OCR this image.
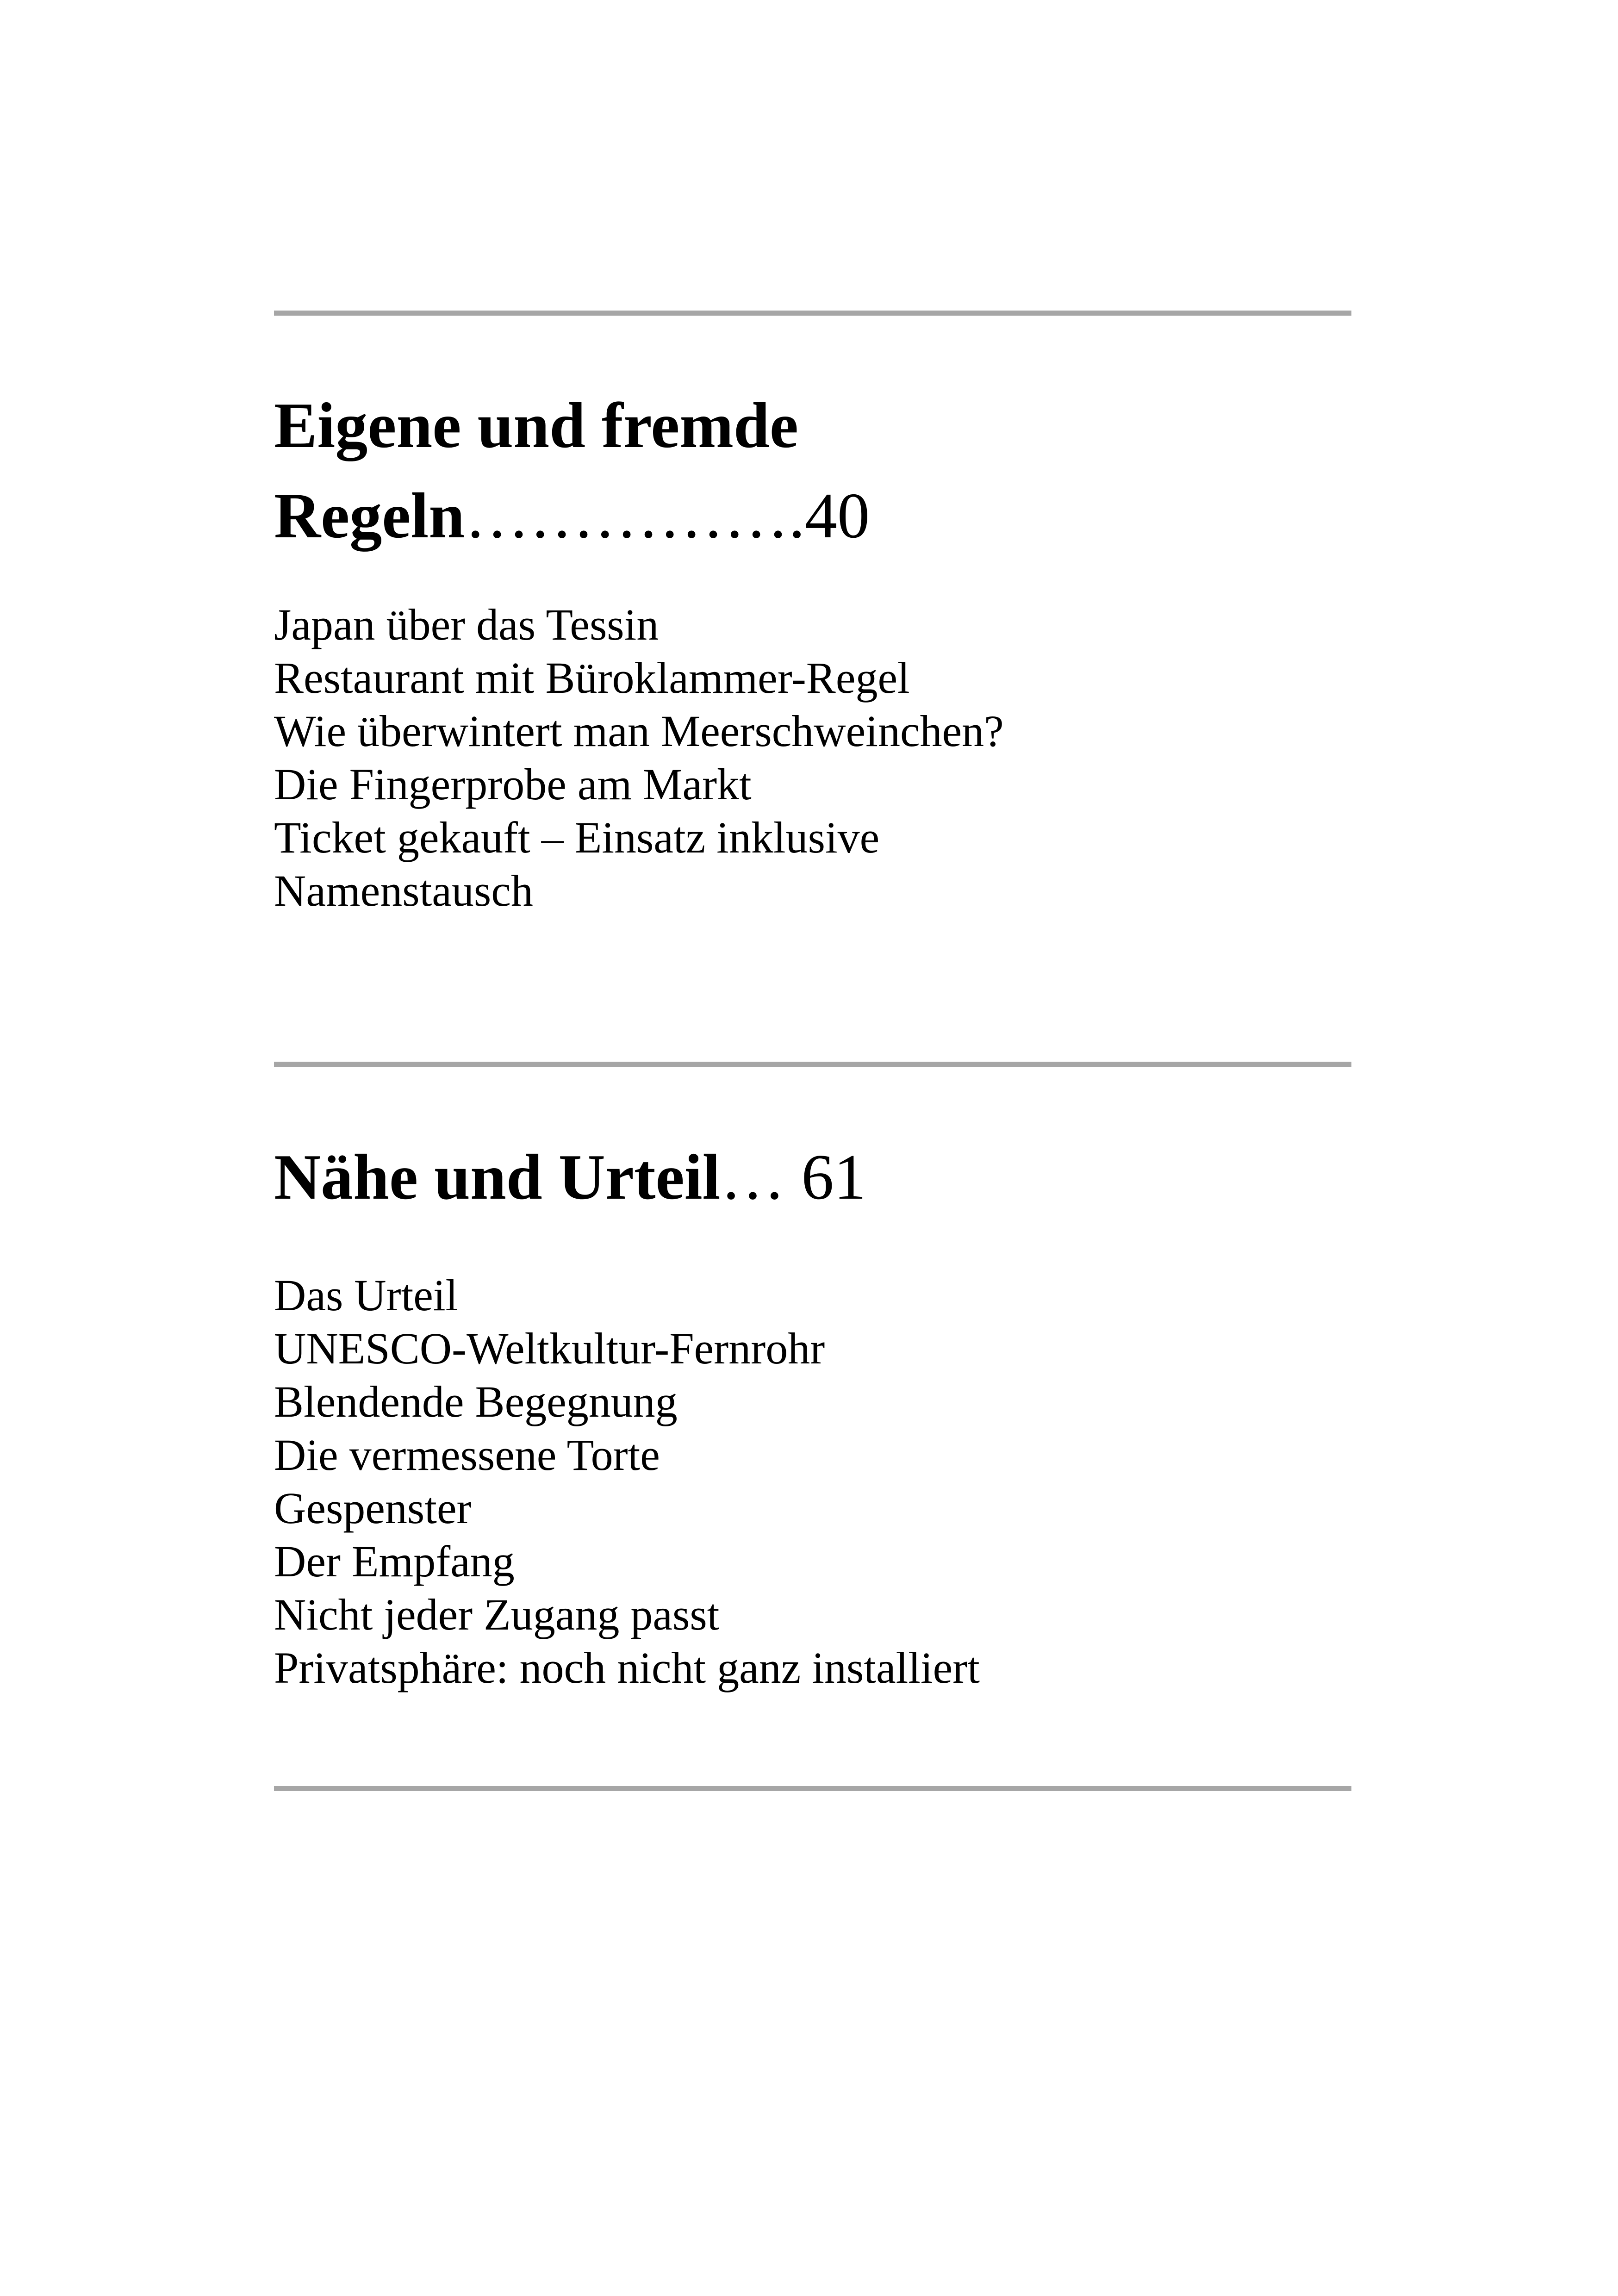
Eigene und fremde
Regeln…………….40
Japan über das Tessin
Restaurant mit Büroklammer-Regel
Wie überwintert man Meerschweinchen?
Die Fingerprobe am Markt
Ticket gekauft – Einsatz inklusive
Namenstausch
Nähe und Urteil… 61
Das Urteil
UNESCO-Weltkultur-Fernrohr
Blendende Begegnung
Die vermessene Torte
Gespenster
Der Empfang
Nicht jeder Zugang passt
Privatsphäre: noch nicht ganz installiert
